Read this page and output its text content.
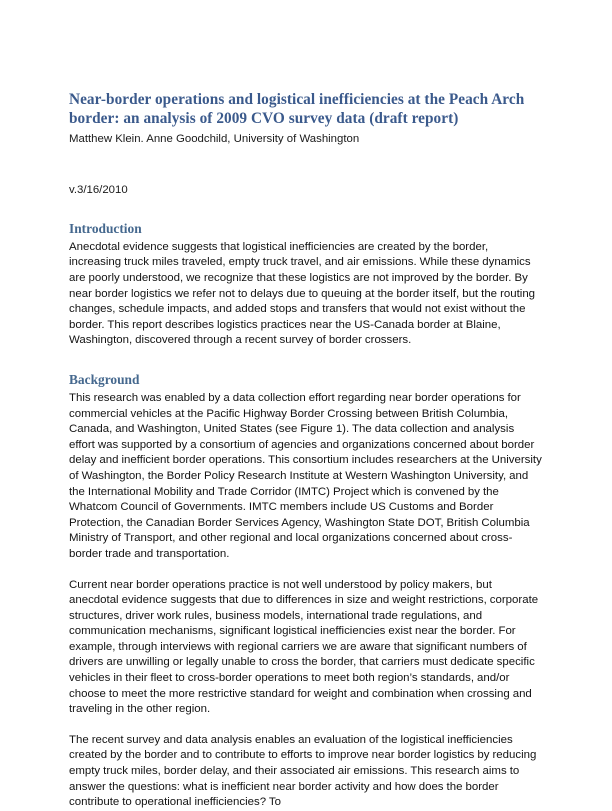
Near-border operations and logistical inefficiencies at the Peach Arch border: an analysis of 2009 CVO survey data (draft report)

Matthew Klein. Anne Goodchild, University of Washington

v.3/16/2010

Introduction

Anecdotal evidence suggests that logistical inefficiencies are created by the border, increasing truck miles traveled, empty truck travel, and air emissions. While these dynamics are poorly understood, we recognize that these logistics are not improved by the border. By near border logistics we refer not to delays due to queuing at the border itself, but the routing changes, schedule impacts, and added stops and transfers that would not exist without the border. This report describes logistics practices near the US-Canada border at Blaine, Washington, discovered through a recent survey of border crossers.

Background

This research was enabled by a data collection effort regarding near border operations for commercial vehicles at the Pacific Highway Border Crossing between British Columbia, Canada, and Washington, United States (see Figure 1). The data collection and analysis effort was supported by a consortium of agencies and organizations concerned about border delay and inefficient border operations. This consortium includes researchers at the University of Washington, the Border Policy Research Institute at Western Washington University, and the International Mobility and Trade Corridor (IMTC) Project which is convened by the Whatcom Council of Governments. IMTC members include US Customs and Border Protection, the Canadian Border Services Agency, Washington State DOT, British Columbia Ministry of Transport, and other regional and local organizations concerned about cross-border trade and transportation.

Current near border operations practice is not well understood by policy makers, but anecdotal evidence suggests that due to differences in size and weight restrictions, corporate structures, driver work rules, business models, international trade regulations, and communication mechanisms, significant logistical inefficiencies exist near the border. For example, through interviews with regional carriers we are aware that significant numbers of drivers are unwilling or legally unable to cross the border, that carriers must dedicate specific vehicles in their fleet to cross-border operations to meet both region’s standards, and/or choose to meet the more restrictive standard for weight and combination when crossing and traveling in the other region.

The recent survey and data analysis enables an evaluation of the logistical inefficiencies created by the border and to contribute to efforts to improve near border logistics by reducing empty truck miles, border delay, and their associated air emissions. This research aims to answer the questions: what is inefficient near border activity and how does the border contribute to operational inefficiencies? To
